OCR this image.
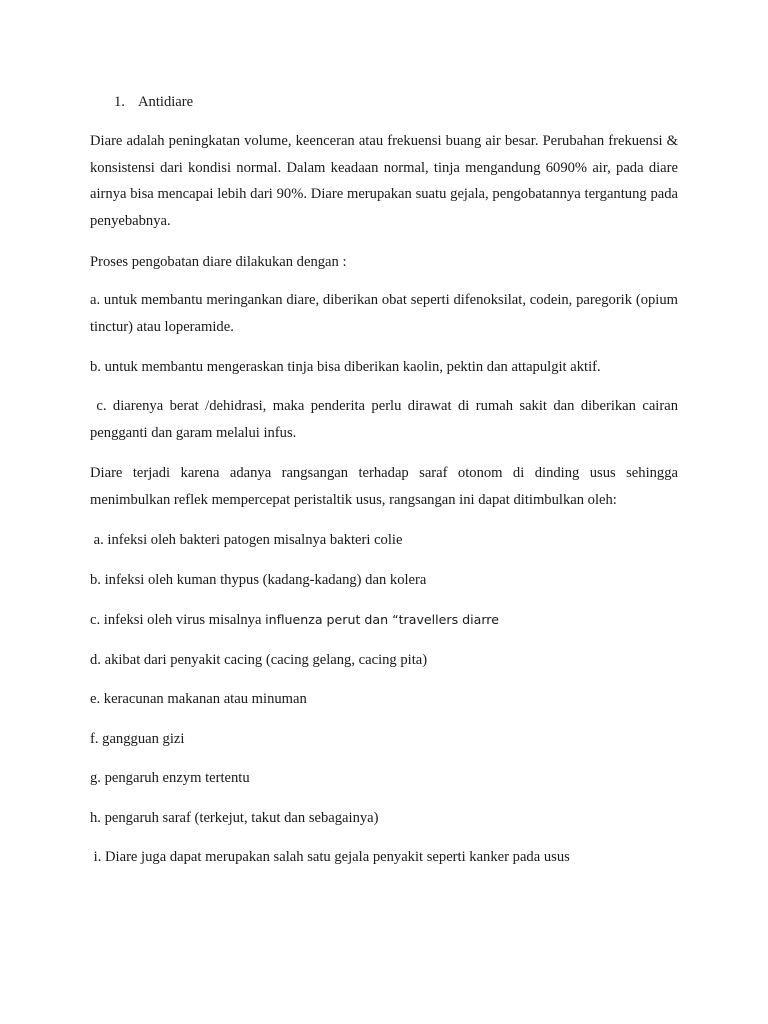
1. Antidiare

Diare adalah peningkatan volume, keenceran atau frekuensi buang air besar. Perubahan frekuensi & konsistensi dari kondisi normal. Dalam keadaan normal, tinja mengandung 6090% air, pada diare airnya bisa mencapai lebih dari 90%. Diare merupakan suatu gejala, pengobatannya tergantung pada penyebabnya.

Proses pengobatan diare dilakukan dengan :

a. untuk membantu meringankan diare, diberikan obat seperti difenoksilat, codein, paregorik (opium tinctur) atau loperamide.

b. untuk membantu mengeraskan tinja bisa diberikan kaolin, pektin dan attapulgit aktif.

c. diarenya berat /dehidrasi, maka penderita perlu dirawat di rumah sakit dan diberikan cairan pengganti dan garam melalui infus.

Diare terjadi karena adanya rangsangan terhadap saraf otonom di dinding usus sehingga menimbulkan reflek mempercepat peristaltik usus, rangsangan ini dapat ditimbulkan oleh:

a. infeksi oleh bakteri patogen misalnya bakteri colie

b. infeksi oleh kuman thypus (kadang-kadang) dan kolera

c. infeksi oleh virus misalnya influenza perut dan “travellers diarre

d. akibat dari penyakit cacing (cacing gelang, cacing pita)

e. keracunan makanan atau minuman

f. gangguan gizi

g. pengaruh enzym tertentu

h. pengaruh saraf (terkejut, takut dan sebagainya)

i. Diare juga dapat merupakan salah satu gejala penyakit seperti kanker pada usus
